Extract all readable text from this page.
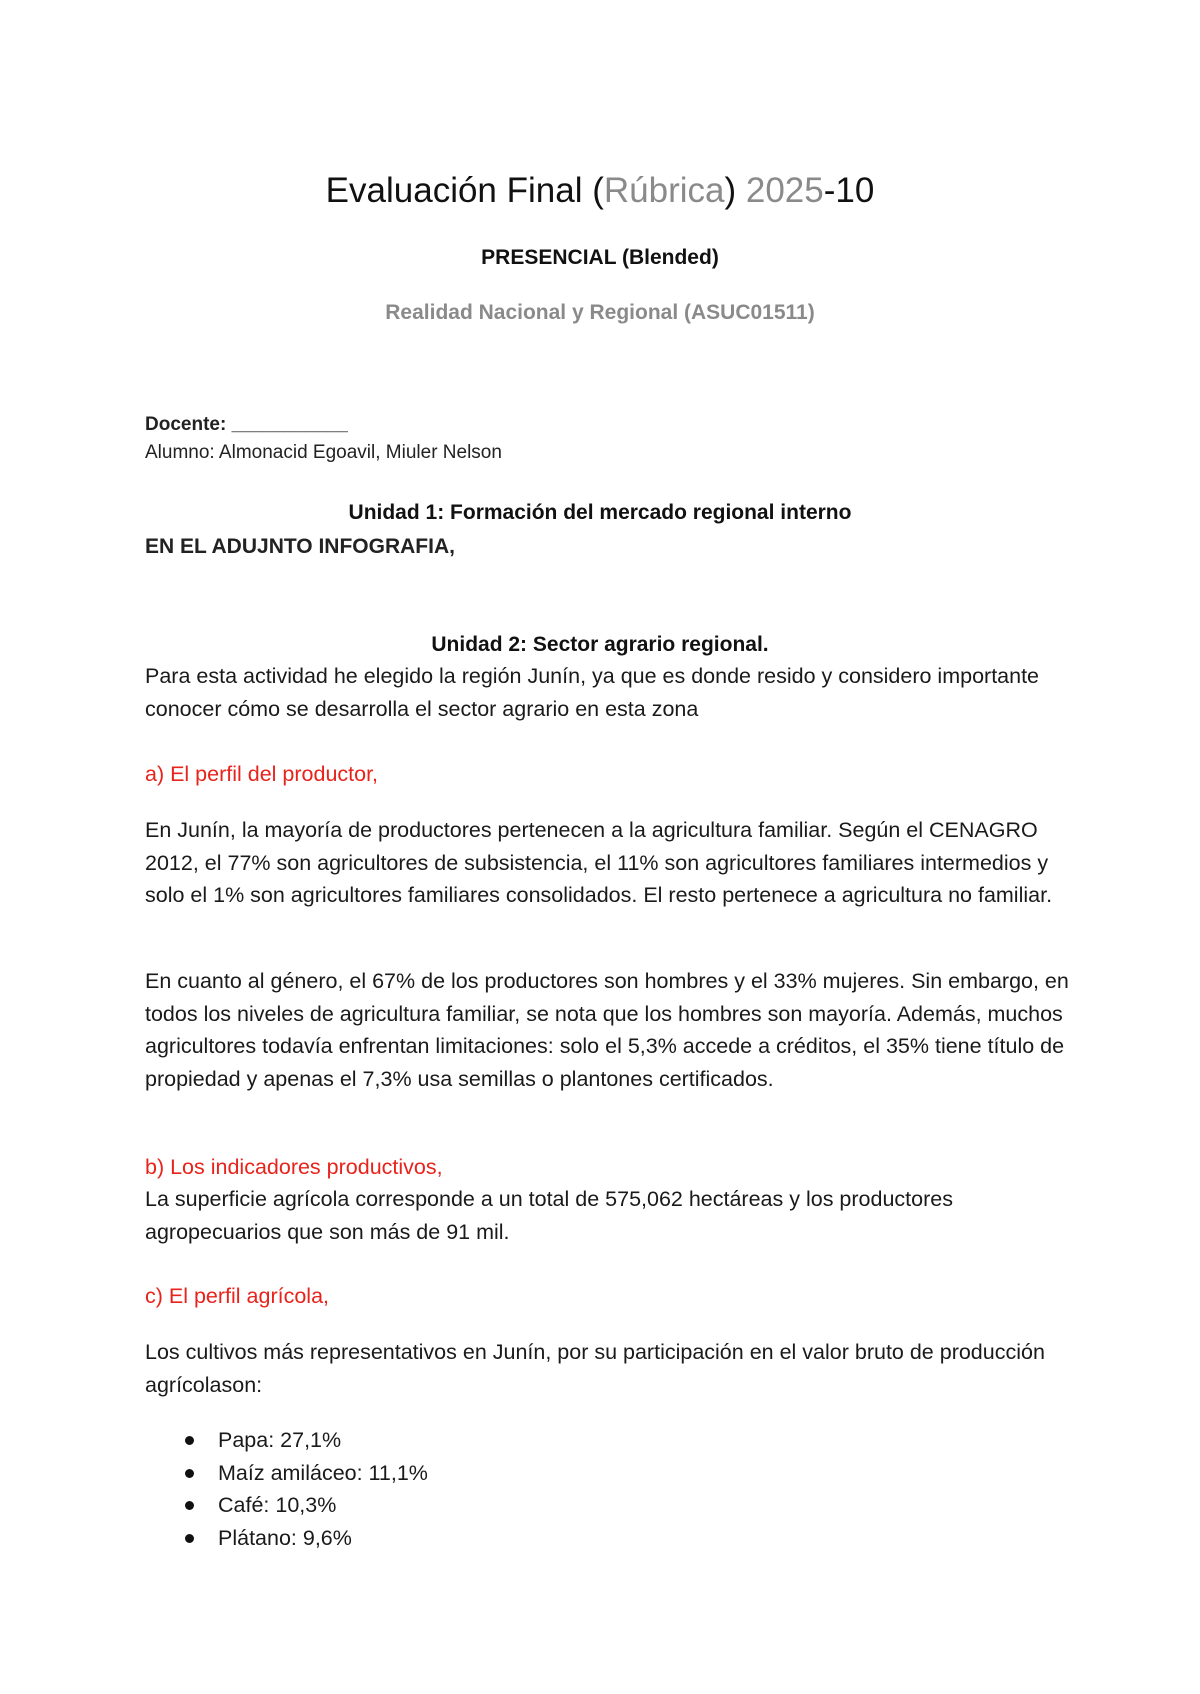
Evaluación Final (Rúbrica) 2025-10

PRESENCIAL (Blended)

Realidad Nacional y Regional (ASUC01511)

Docente: ___________

Alumno: Almonacid Egoavil, Miuler Nelson

Unidad 1: Formación del mercado regional interno

EN EL ADUJNTO INFOGRAFIA,

Unidad 2: Sector agrario regional.

Para esta actividad he elegido la región Junín, ya que es donde resido y considero importante conocer cómo se desarrolla el sector agrario en esta zona

a) El perfil del productor,

En Junín, la mayoría de productores pertenecen a la agricultura familiar. Según el CENAGRO 2012, el 77% son agricultores de subsistencia, el 11% son agricultores familiares intermedios y solo el 1% son agricultores familiares consolidados. El resto pertenece a agricultura no familiar.

En cuanto al género, el 67% de los productores son hombres y el 33% mujeres. Sin embargo, en todos los niveles de agricultura familiar, se nota que los hombres son mayoría. Además, muchos agricultores todavía enfrentan limitaciones: solo el 5,3% accede a créditos, el 35% tiene título de propiedad y apenas el 7,3% usa semillas o plantones certificados.

b) Los indicadores productivos,

La superficie agrícola corresponde a un total de 575,062 hectáreas y los productores agropecuarios que son más de 91 mil.

c) El perfil agrícola,

Los cultivos más representativos en Junín, por su participación en el valor bruto de producción agrícolason:

Papa: 27,1%
Maíz amiláceo: 11,1%
Café: 10,3%
Plátano: 9,6%
